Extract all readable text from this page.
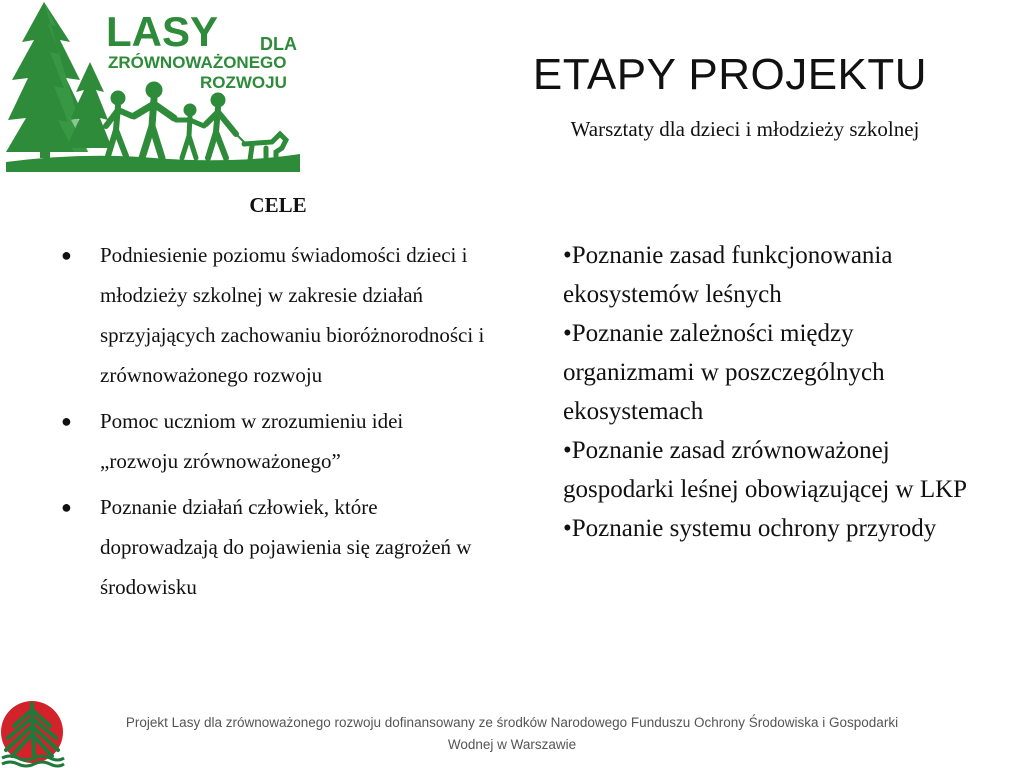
LASY DLA
ZRÓWNOWAŻONEGO
ROZWOJU	ETAPY PROJEKTU
Warsztaty dla dzieci i młodzieży szkolnej
CELE
● Podniesienie poziomu świadomości dzieci i młodzieży szkolnej w zakresie działań sprzyjających zachowaniu bioróżnorodności i zrównoważonego rozwoju
● Pomoc uczniom w zrozumieniu idei „rozwoju zrównoważonego”
● Poznanie działań człowiek, które doprowadzają do pojawienia się zagrożeń w środowisku

•Poznanie zasad funkcjonowania ekosystemów leśnych

•Poznanie zależności między organizmami w poszczególnych ekosystemach

•Poznanie zasad zrównoważonej gospodarki leśnej obowiązującej w LKP

•Poznanie systemu ochrony przyrody

Projekt Lasy dla zrównoważonego rozwoju dofinansowany ze środków Narodowego Funduszu Ochrony Środowiska i Gospodarki
Wodnej w Warszawie
